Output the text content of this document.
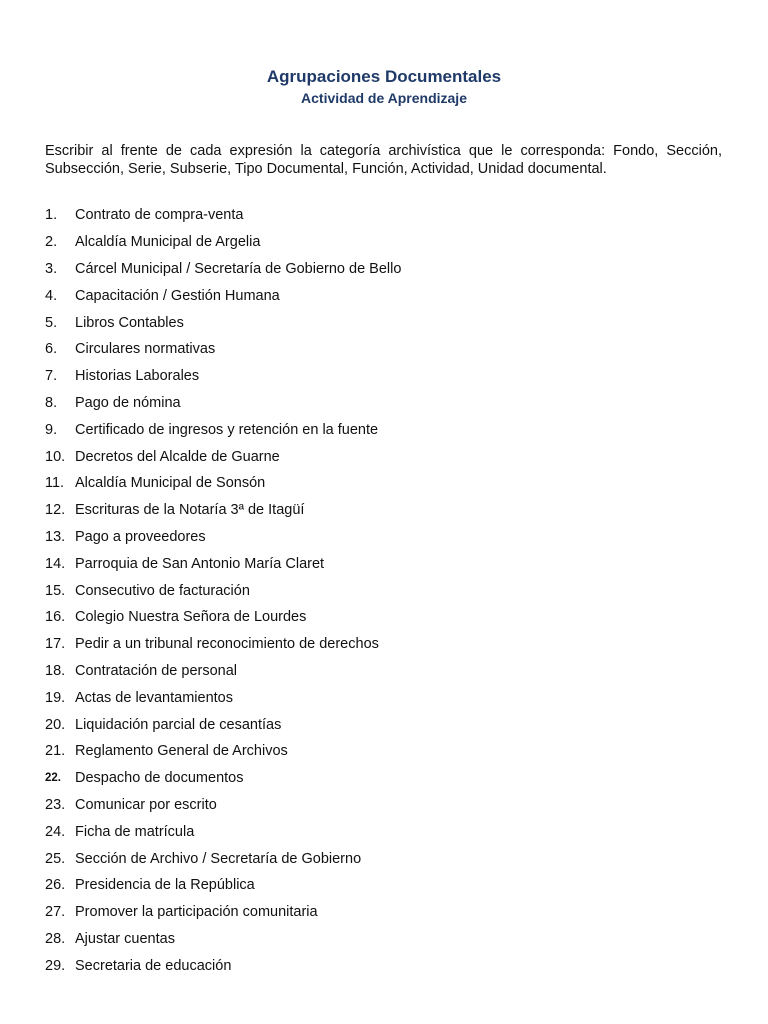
Agrupaciones Documentales
Actividad de Aprendizaje
Escribir al frente de cada expresión la categoría archivística que le corresponda: Fondo, Sección, Subsección, Serie, Subserie, Tipo Documental, Función, Actividad, Unidad documental.
1.	Contrato de compra-venta
2.	Alcaldía Municipal de Argelia
3.	Cárcel Municipal / Secretaría de Gobierno de Bello
4.	Capacitación / Gestión Humana
5.	Libros Contables
6.	Circulares normativas
7.	Historias Laborales
8.	Pago de nómina
9.	Certificado de ingresos y retención en la fuente
10. Decretos del Alcalde de Guarne
11. Alcaldía Municipal de Sonsón
12. Escrituras de la Notaría 3ª de Itagüí
13. Pago a proveedores
14. Parroquia de San Antonio María Claret
15. Consecutivo de facturación
16. Colegio Nuestra Señora de Lourdes
17. Pedir a un tribunal reconocimiento de derechos
18. Contratación de personal
19. Actas de levantamientos
20. Liquidación parcial de cesantías
21. Reglamento General de Archivos
22. Despacho de documentos
23. Comunicar por escrito
24. Ficha de matrícula
25. Sección de Archivo / Secretaría de Gobierno
26. Presidencia de la República
27. Promover la participación comunitaria
28. Ajustar cuentas
29. Secretaria de educación
